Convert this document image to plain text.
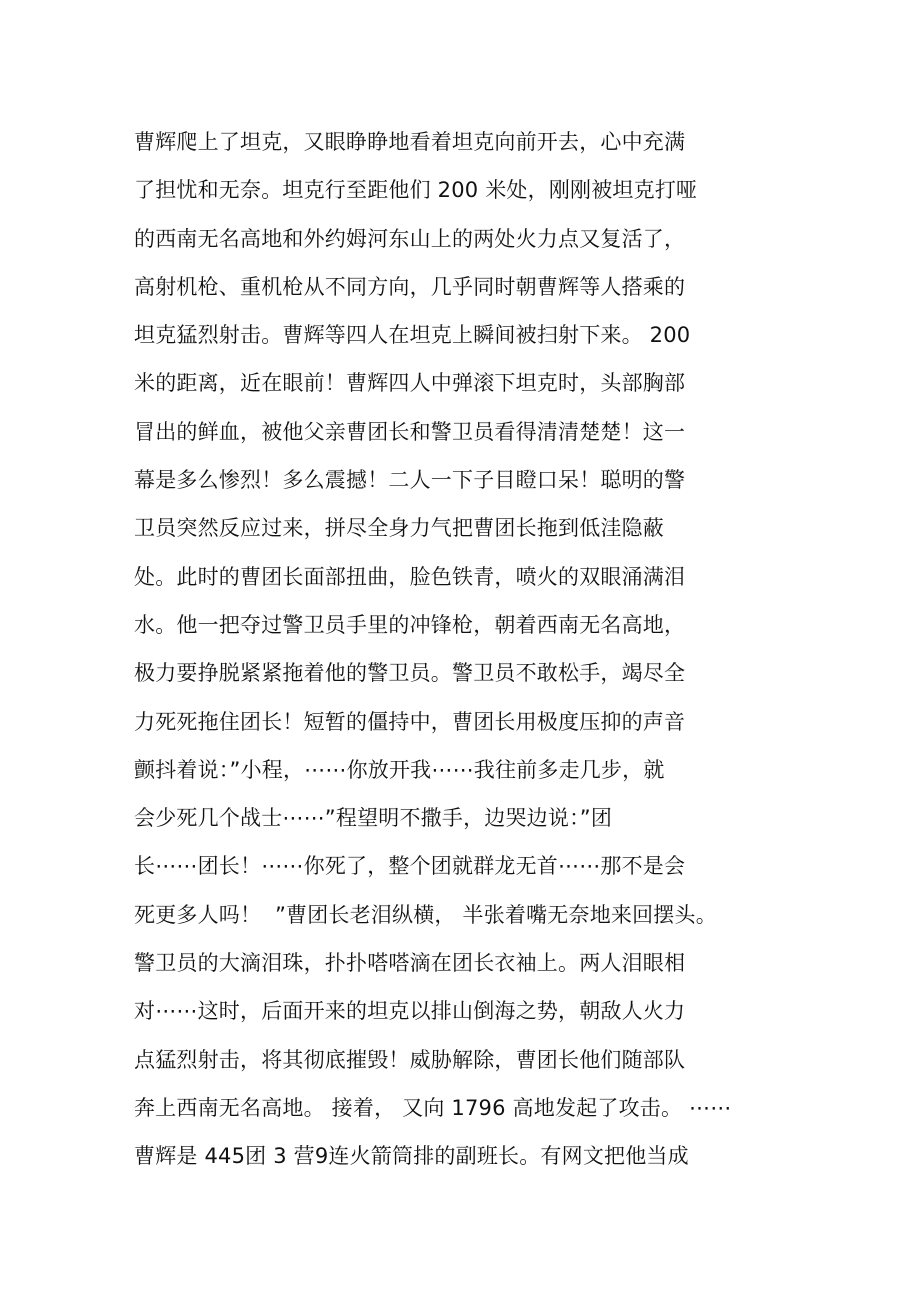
曹辉爬上了坦克，又眼睁睁地看着坦克向前开去，心中充满
了担忧和无奈。坦克行至距他们 200 米处，刚刚被坦克打哑
的西南无名高地和外约姆河东山上的两处火力点又复活了，
高射机枪、重机枪从不同方向，几乎同时朝曹辉等人搭乘的
坦克猛烈射击。曹辉等四人在坦克上瞬间被扫射下来。 200
米的距离，近在眼前！曹辉四人中弹滚下坦克时，头部胸部
冒出的鲜血，被他父亲曹团长和警卫员看得清清楚楚！这一
幕是多么惨烈！多么震撼！二人一下子目瞪口呆！聪明的警
卫员突然反应过来，拼尽全身力气把曹团长拖到低洼隐蔽
处。此时的曹团长面部扭曲，脸色铁青，喷火的双眼涌满泪
水。他一把夺过警卫员手里的冲锋枪，朝着西南无名高地，
极力要挣脱紧紧拖着他的警卫员。警卫员不敢松手，竭尽全
力死死拖住团长！短暂的僵持中，曹团长用极度压抑的声音
颤抖着说：”小程，⋯⋯你放开我⋯⋯我往前多走几步，就
会少死几个战士⋯⋯”程望明不撒手，边哭边说：”团
长⋯⋯团长！⋯⋯你死了，整个团就群龙无首⋯⋯那不是会
死更多人吗！  ”曹团长老泪纵横， 半张着嘴无奈地来回摆头。
警卫员的大滴泪珠，扑扑嗒嗒滴在团长衣袖上。两人泪眼相
对⋯⋯这时，后面开来的坦克以排山倒海之势，朝敌人火力
点猛烈射击，将其彻底摧毁！威胁解除，曹团长他们随部队
奔上西南无名高地。 接着， 又向 1796 高地发起了攻击。 ⋯⋯
曹辉是 445团 3 营9连火箭筒排的副班长。有网文把他当成
